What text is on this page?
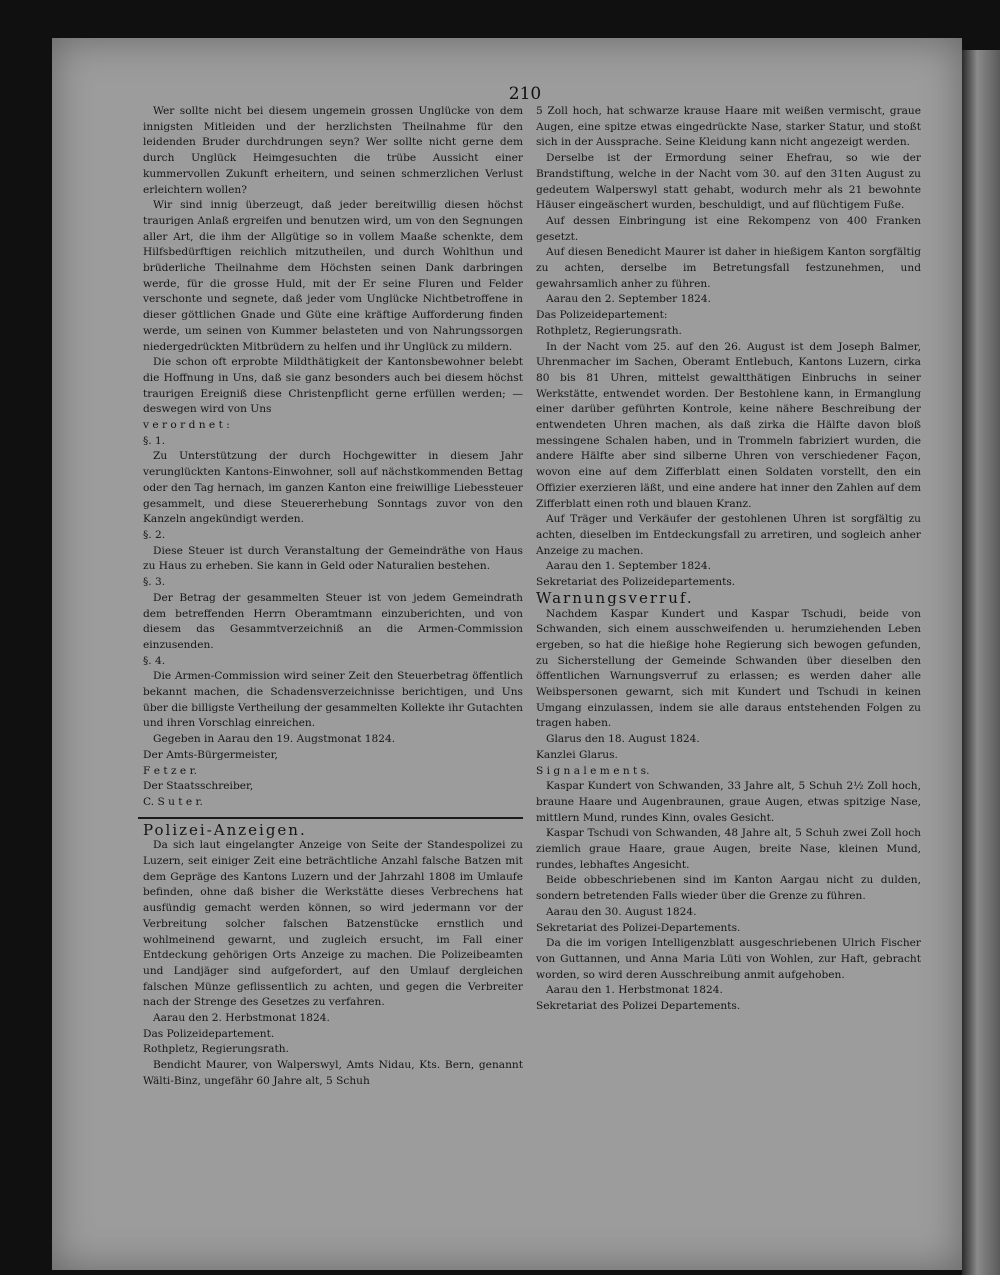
210

Wer sollte nicht bei diesem ungemein grossen Unglücke von dem innigsten Mitleiden und der herzlichsten Theilnahme für den leidenden Bruder durchdrungen seyn? Wer sollte nicht gerne dem durch Unglück Heimgesuchten die trübe Aussicht einer kummervollen Zukunft erheitern, und seinen schmerzlichen Verlust erleichtern wollen?

Wir sind innig überzeugt, daß jeder bereitwillig diesen höchst traurigen Anlaß ergreifen und benutzen wird, um von den Segnungen aller Art, die ihm der Allgütige so in vollem Maaße schenkte, dem Hilfsbedürftigen reichlich mitzutheilen, und durch Wohlthun und brüderliche Theilnahme dem Höchsten seinen Dank darbringen werde, für die grosse Huld, mit der Er seine Fluren und Felder verschonte und segnete, daß jeder vom Unglücke Nichtbetroffene in dieser göttlichen Gnade und Güte eine kräftige Aufforderung finden werde, um seinen von Kummer belasteten und von Nahrungssorgen niedergedrückten Mitbrüdern zu helfen und ihr Unglück zu mildern.

Die schon oft erprobte Mildthätigkeit der Kantonsbewohner belebt die Hoffnung in Uns, daß sie ganz besonders auch bei diesem höchst traurigen Ereigniß diese Christenpflicht gerne erfüllen werden; — deswegen wird von Uns

v e r o r d n e t :

§. 1.

Zu Unterstützung der durch Hochgewitter in diesem Jahr verunglückten Kantons-Einwohner, soll auf nächstkommenden Bettag oder den Tag hernach, im ganzen Kanton eine freiwillige Liebessteuer gesammelt, und diese Steuererhebung Sonntags zuvor von den Kanzeln angekündigt werden.

§. 2.

Diese Steuer ist durch Veranstaltung der Gemeindräthe von Haus zu Haus zu erheben. Sie kann in Geld oder Naturalien bestehen.

§. 3.

Der Betrag der gesammelten Steuer ist von jedem Gemeindrath dem betreffenden Herrn Oberamtmann einzuberichten, und von diesem das Gesammtverzeichniß an die Armen-Commission einzusenden.

§. 4.

Die Armen-Commission wird seiner Zeit den Steuerbetrag öffentlich bekannt machen, die Schadensverzeichnisse berichtigen, und Uns über die billigste Vertheilung der gesammelten Kollekte ihr Gutachten und ihren Vorschlag einreichen.

Gegeben in Aarau den 19. Augstmonat 1824.

Der Amts-Bürgermeister,

F e t z e r.

Der Staatsschreiber,

C. S u t e r.

Polizei-Anzeigen.

Da sich laut eingelangter Anzeige von Seite der Standespolizei zu Luzern, seit einiger Zeit eine beträchtliche Anzahl falsche Batzen mit dem Gepräge des Kantons Luzern und der Jahrzahl 1808 im Umlaufe befinden, ohne daß bisher die Werkstätte dieses Verbrechens hat ausfündig gemacht werden können, so wird jedermann vor der Verbreitung solcher falschen Batzenstücke ernstlich und wohlmeinend gewarnt, und zugleich ersucht, im Fall einer Entdeckung gehörigen Orts Anzeige zu machen. Die Polizeibeamten und Landjäger sind aufgefordert, auf den Umlauf dergleichen falschen Münze geflissentlich zu achten, und gegen die Verbreiter nach der Strenge des Gesetzes zu verfahren.

Aarau den 2. Herbstmonat 1824.

Das Polizeidepartement.

Rothpletz, Regierungsrath.

Bendicht Maurer, von Walperswyl, Amts Nidau, Kts. Bern, genannt Wälti-Binz, ungefähr 60 Jahre alt, 5 Schuh

5 Zoll hoch, hat schwarze krause Haare mit weißen vermischt, graue Augen, eine spitze etwas eingedrückte Nase, starker Statur, und stoßt sich in der Aussprache. Seine Kleidung kann nicht angezeigt werden.

Derselbe ist der Ermordung seiner Ehefrau, so wie der Brandstiftung, welche in der Nacht vom 30. auf den 31ten August zu gedeutem Walperswyl statt gehabt, wodurch mehr als 21 bewohnte Häuser eingeäschert wurden, beschuldigt, und auf flüchtigem Fuße.

Auf dessen Einbringung ist eine Rekompenz von 400 Franken gesetzt.

Auf diesen Benedicht Maurer ist daher in hießigem Kanton sorgfältig zu achten, derselbe im Betretungsfall festzunehmen, und gewahrsamlich anher zu führen.

Aarau den 2. September 1824.

Das Polizeidepartement:

Rothpletz, Regierungsrath.

In der Nacht vom 25. auf den 26. August ist dem Joseph Balmer, Uhrenmacher im Sachen, Oberamt Entlebuch, Kantons Luzern, cirka 80 bis 81 Uhren, mittelst gewaltthätigen Einbruchs in seiner Werkstätte, entwendet worden. Der Bestohlene kann, in Ermanglung einer darüber geführten Kontrole, keine nähere Beschreibung der entwendeten Uhren machen, als daß zirka die Hälfte davon bloß messingene Schalen haben, und in Trommeln fabriziert wurden, die andere Hälfte aber sind silberne Uhren von verschiedener Façon, wovon eine auf dem Zifferblatt einen Soldaten vorstellt, den ein Offizier exerzieren läßt, und eine andere hat inner den Zahlen auf dem Zifferblatt einen roth und blauen Kranz.

Auf Träger und Verkäufer der gestohlenen Uhren ist sorgfältig zu achten, dieselben im Entdeckungsfall zu arretiren, und sogleich anher Anzeige zu machen.

Aarau den 1. September 1824.

Sekretariat des Polizeidepartements.

Warnungsverruf.

Nachdem Kaspar Kundert und Kaspar Tschudi, beide von Schwanden, sich einem ausschweifenden u. herumziehenden Leben ergeben, so hat die hießige hohe Regierung sich bewogen gefunden, zu Sicherstellung der Gemeinde Schwanden über dieselben den öffentlichen Warnungsverruf zu erlassen; es werden daher alle Weibspersonen gewarnt, sich mit Kundert und Tschudi in keinen Umgang einzulassen, indem sie alle daraus entstehenden Folgen zu tragen haben.

Glarus den 18. August 1824.

Kanzlei Glarus.

S i g n a l e m e n t s.

Kaspar Kundert von Schwanden, 33 Jahre alt, 5 Schuh 2½ Zoll hoch, braune Haare und Augenbraunen, graue Augen, etwas spitzige Nase, mittlern Mund, rundes Kinn, ovales Gesicht.

Kaspar Tschudi von Schwanden, 48 Jahre alt, 5 Schuh zwei Zoll hoch ziemlich graue Haare, graue Augen, breite Nase, kleinen Mund, rundes, lebhaftes Angesicht.

Beide obbeschriebenen sind im Kanton Aargau nicht zu dulden, sondern betretenden Falls wieder über die Grenze zu führen.

Aarau den 30. August 1824.

Sekretariat des Polizei-Departements.

Da die im vorigen Intelligenzblatt ausgeschriebenen Ulrich Fischer von Guttannen, und Anna Maria Lüti von Wohlen, zur Haft, gebracht worden, so wird deren Ausschreibung anmit aufgehoben.

Aarau den 1. Herbstmonat 1824.

Sekretariat des Polizei Departements.
